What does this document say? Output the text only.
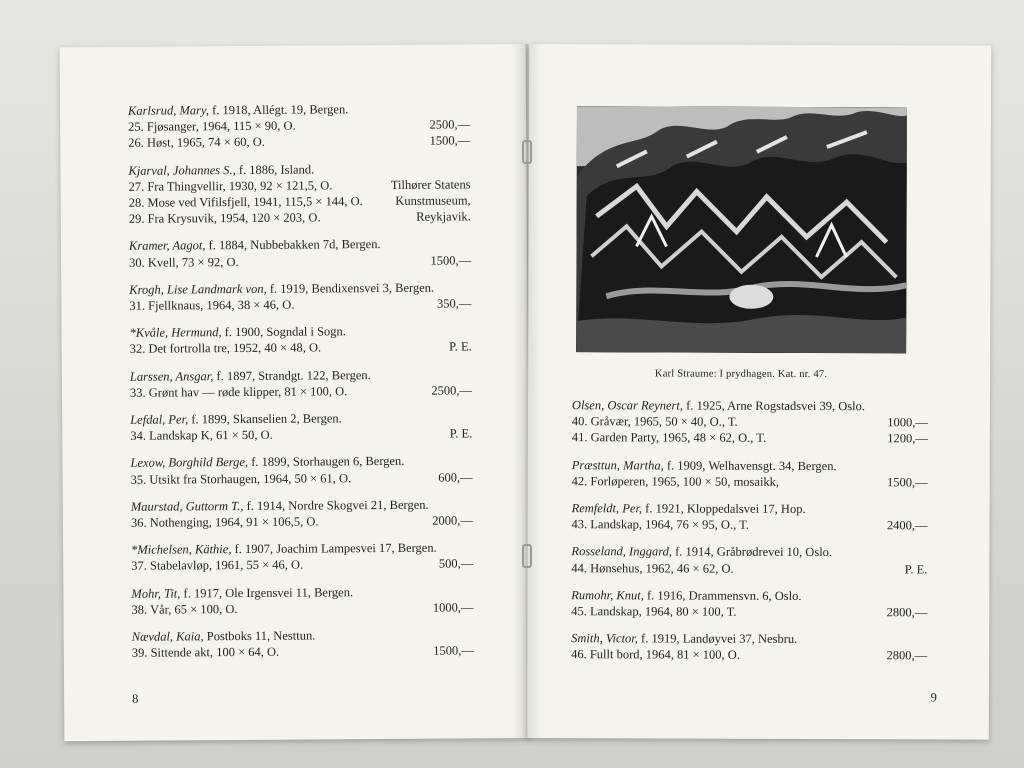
Karlsrud, Mary, f. 1918, Allégt. 19, Bergen.
25. Fjøsanger, 1964, 115 × 90, O.	2500,—
26. Høst, 1965, 74 × 60, O.	1500,—
Kjarval, Johannes S., f. 1886, Island.
27. Fra Thingvellir, 1930, 92 × 121,5, O.	Tilhører Statens
28. Mose ved Vifilsfjell, 1941, 115,5 × 144, O.	Kunstmuseum,
29. Fra Krysuvik, 1954, 120 × 203, O.	Reykjavik.
Kramer, Aagot, f. 1884, Nubbebakken 7d, Bergen.
30. Kvell, 73 × 92, O.	1500,—
Krogh, Lise Landmark von, f. 1919, Bendixensvei 3, Bergen.
31. Fjellknaus, 1964, 38 × 46, O.	350,—
*Kvåle, Hermund, f. 1900, Sogndal i Sogn.
32. Det fortrolla tre, 1952, 40 × 48, O.	P. E.
Larssen, Ansgar, f. 1897, Strandgt. 122, Bergen.
33. Grønt hav — røde klipper, 81 × 100, O.	2500,—
Lefdal, Per, f. 1899, Skanselien 2, Bergen.
34. Landskap K, 61 × 50, O.	P. E.
Lexow, Borghild Berge, f. 1899, Storhaugen 6, Bergen.
35. Utsikt fra Storhaugen, 1964, 50 × 61, O.	600,—
Maurstad, Guttorm T., f. 1914, Nordre Skogvei 21, Bergen.
36. Nothenging, 1964, 91 × 106,5, O.	2000,—
*Michelsen, Käthie, f. 1907, Joachim Lampesvei 17, Bergen.
37. Stabelavløp, 1961, 55 × 46, O.	500,—
Mohr, Tit, f. 1917, Ole Irgensvei 11, Bergen.
38. Vår, 65 × 100, O.	1000,—
Nævdal, Kaia, Postboks 11, Nesttun.
39. Sittende akt, 100 × 64, O.	1500,—
8
Karl Straume: I prydhagen. Kat. nr. 47.
Olsen, Oscar Reynert, f. 1925, Arne Rogstadsvei 39, Oslo.
40. Gråvær, 1965, 50 × 40, O., T.	1000,—
41. Garden Party, 1965, 48 × 62, O., T.	1200,—
Præsttun, Martha, f. 1909, Welhavensgt. 34, Bergen.
42. Forløperen, 1965, 100 × 50, mosaikk,	1500,—
Remfeldt, Per, f. 1921, Kloppedalsvei 17, Hop.
43. Landskap, 1964, 76 × 95, O., T.	2400,—
Rosseland, Inggard, f. 1914, Gråbrødrevei 10, Oslo.
44. Hønsehus, 1962, 46 × 62, O.	P. E.
Rumohr, Knut, f. 1916, Drammensvn. 6, Oslo.
45. Landskap, 1964, 80 × 100, T.	2800,—
Smith, Victor, f. 1919, Landøyvei 37, Nesbru.
46. Fullt bord, 1964, 81 × 100, O.	2800,—
9
